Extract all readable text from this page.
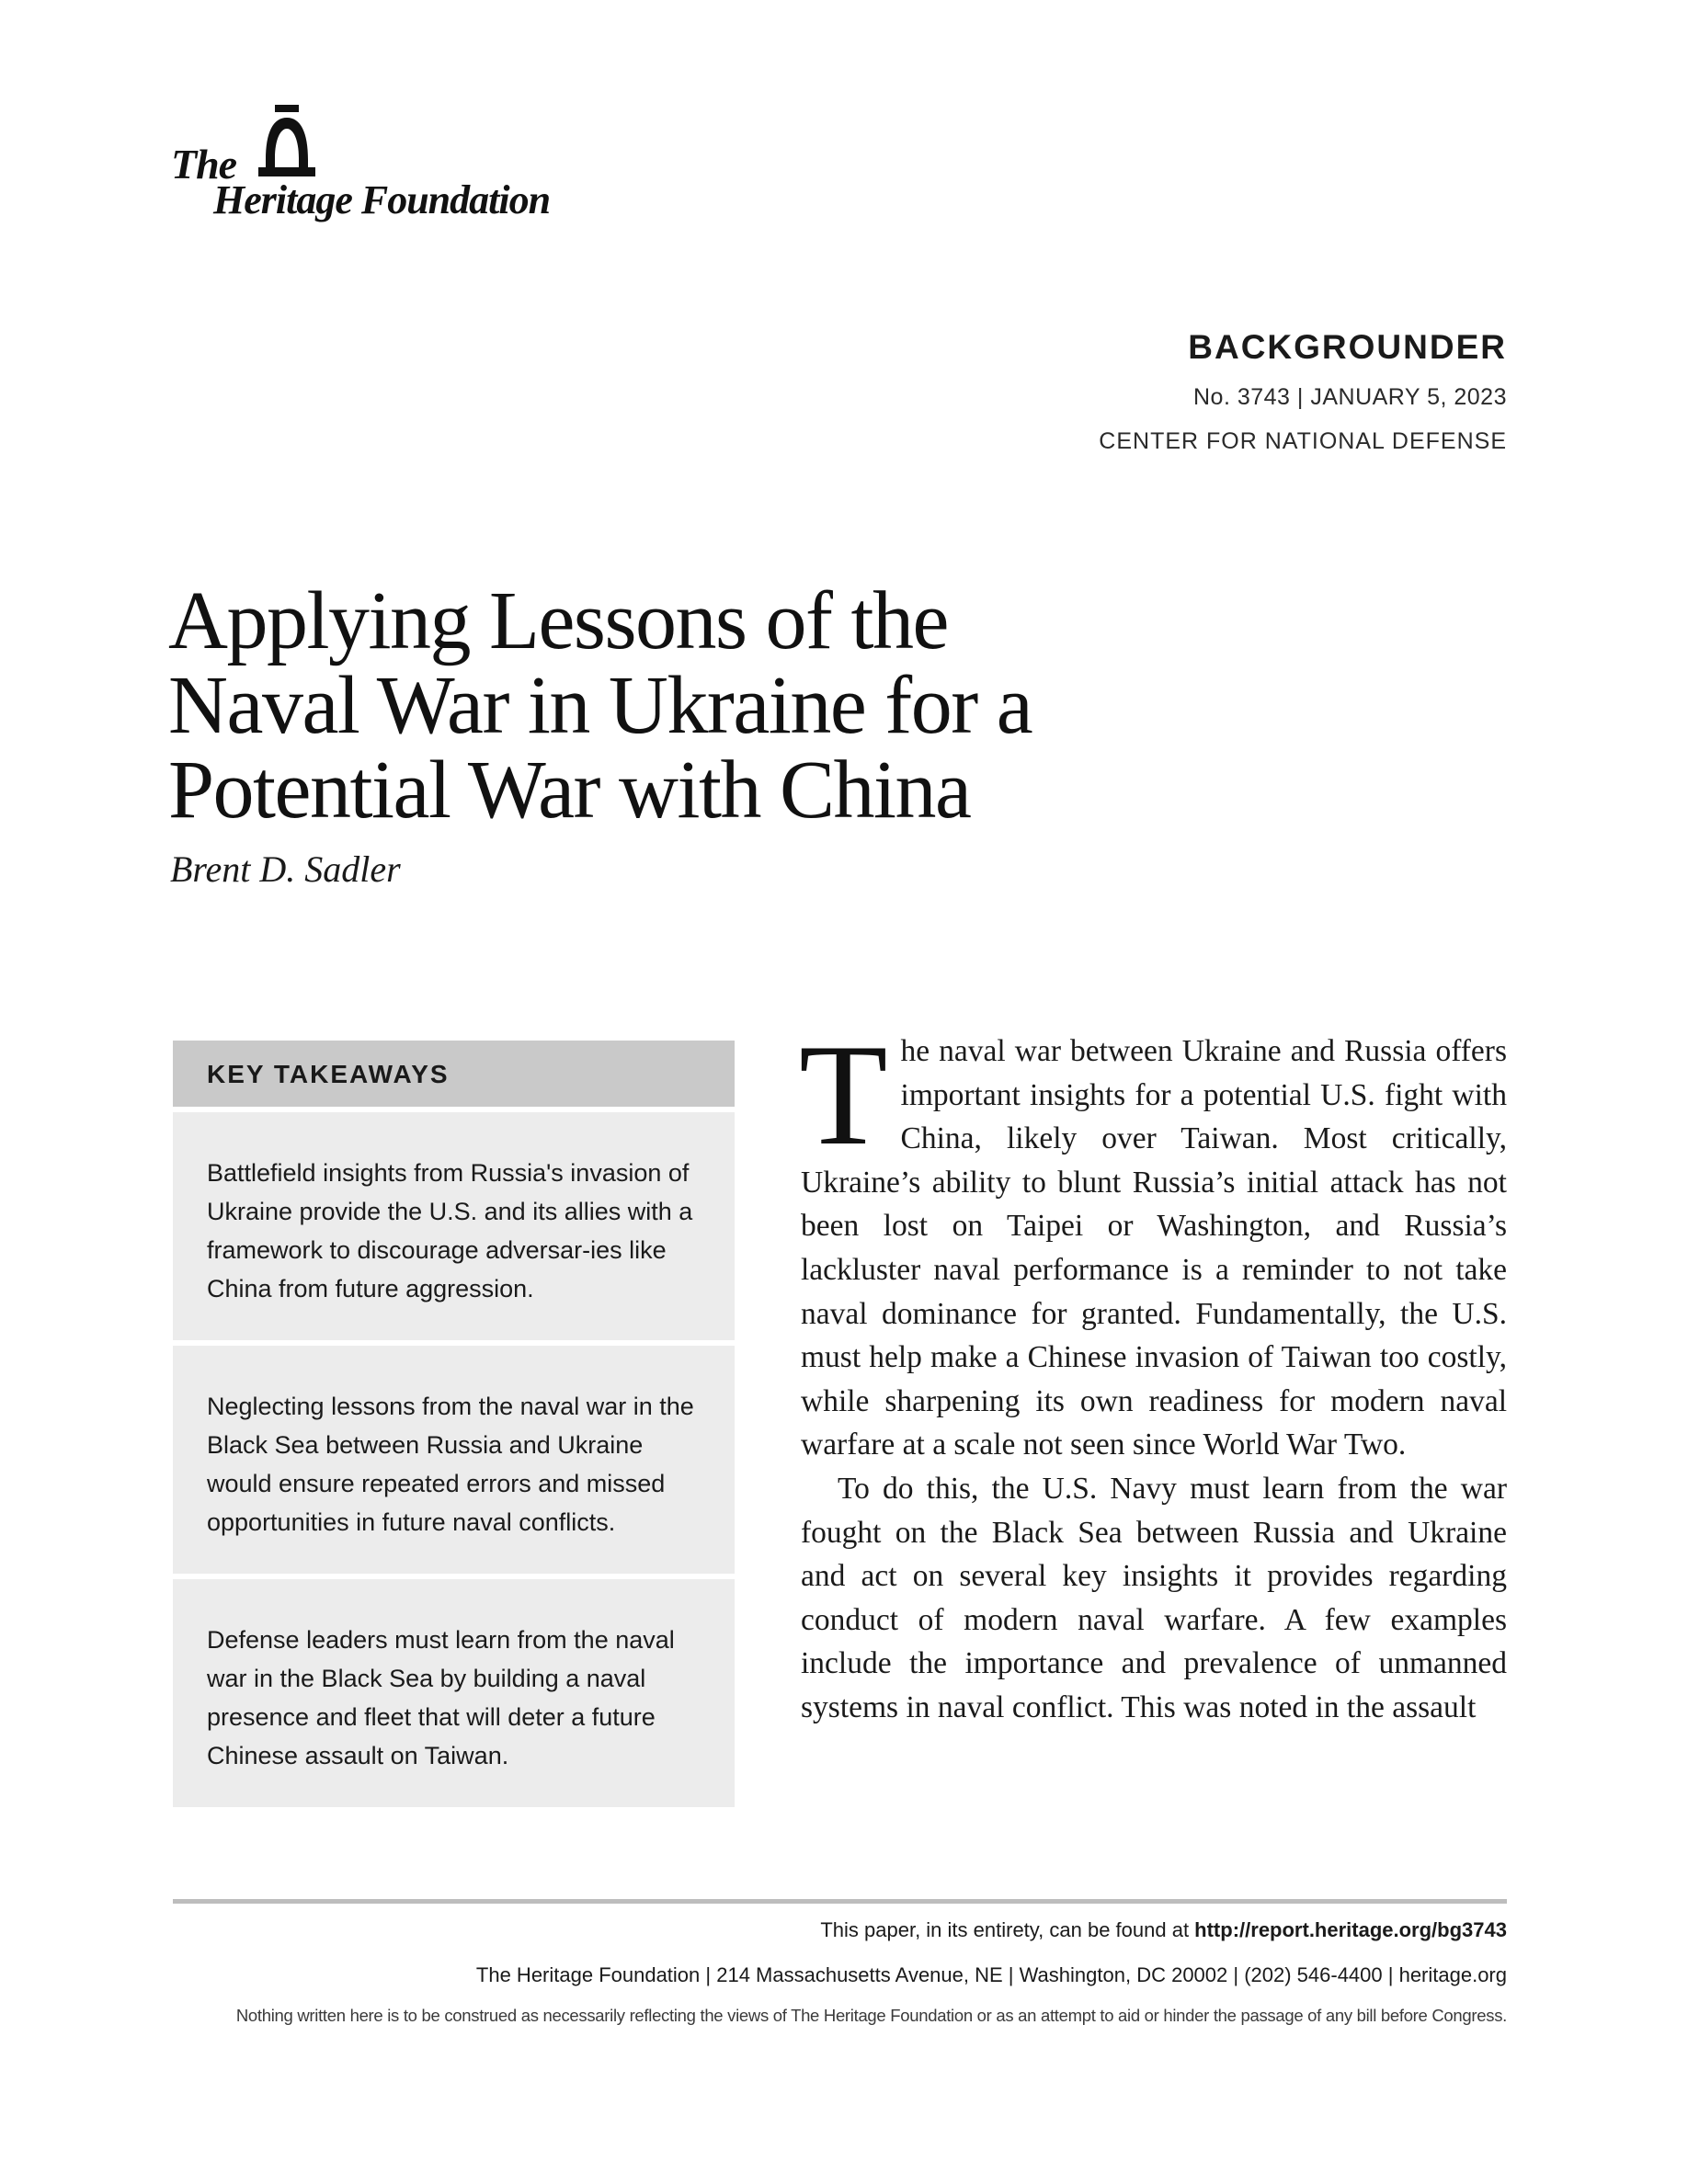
The
Heritage Foundation
BACKGROUNDER
No. 3743 | JANUARY 5, 2023
CENTER FOR NATIONAL DEFENSE
Applying Lessons of the
Naval War in Ukraine for a
Potential War with China
Brent D. Sadler
KEY TAKEAWAYS
Battlefield insights from Russia's invasion of Ukraine provide the U.S. and its allies with a framework to discourage adversar-ies like China from future aggression.
Neglecting lessons from the naval war in the Black Sea between Russia and Ukraine would ensure repeated errors and missed opportunities in future naval conflicts.
Defense leaders must learn from the naval war in the Black Sea by building a naval presence and fleet that will deter a future Chinese assault on Taiwan.

The naval war between Ukraine and Russia offers important insights for a potential U.S. fight with China, likely over Taiwan. Most critically, Ukraine’s ability to blunt Russia’s initial attack has not been lost on Taipei or Washington, and Russia’s lackluster naval performance is a reminder to not take naval dominance for granted. Fundamentally, the U.S. must help make a Chinese invasion of Taiwan too costly, while sharpening its own readiness for modern naval warfare at a scale not seen since World War Two.

To do this, the U.S. Navy must learn from the war fought on the Black Sea between Russia and Ukraine and act on several key insights it provides regarding conduct of modern naval warfare. A few examples include the importance and prevalence of unmanned systems in naval conflict. This was noted in the assault

This paper, in its entirety, can be found at http://report.heritage.org/bg3743
The Heritage Foundation | 214 Massachusetts Avenue, NE | Washington, DC 20002 | (202) 546-4400 | heritage.org
Nothing written here is to be construed as necessarily reflecting the views of The Heritage Foundation or as an attempt to aid or hinder the passage of any bill before Congress.
